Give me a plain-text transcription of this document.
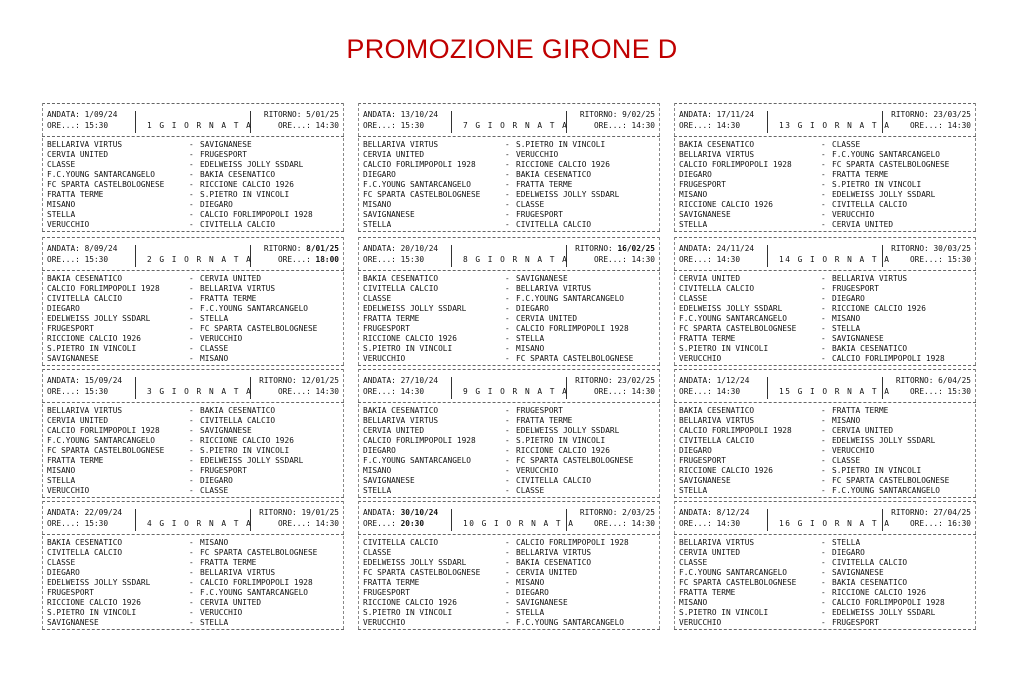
PROMOZIONE GIRONE D
ANDATA: 1/09/24	RITORNO: 5/01/25
ORE...: 15:30	1 G I O R N A T A	ORE...: 14:30
BELLARIVA VIRTUS	- SAVIGNANESE
CERVIA UNITED	- FRUGESPORT
CLASSE	- EDELWEISS JOLLY SSDARL
F.C.YOUNG SANTARCANGELO	- BAKIA CESENATICO
FC SPARTA CASTELBOLOGNESE	- RICCIONE CALCIO 1926
FRATTA TERME	- S.PIETRO IN VINCOLI
MISANO	- DIEGARO
STELLA	- CALCIO FORLIMPOPOLI 1928
VERUCCHIO	- CIVITELLA CALCIO
ANDATA: 8/09/24	RITORNO: 8/01/25
ORE...: 15:30	2 G I O R N A T A	ORE...: 18:00
BAKIA CESENATICO	- CERVIA UNITED
CALCIO FORLIMPOPOLI 1928	- BELLARIVA VIRTUS
CIVITELLA CALCIO	- FRATTA TERME
DIEGARO	- F.C.YOUNG SANTARCANGELO
EDELWEISS JOLLY SSDARL	- STELLA
FRUGESPORT	- FC SPARTA CASTELBOLOGNESE
RICCIONE CALCIO 1926	- VERUCCHIO
S.PIETRO IN VINCOLI	- CLASSE
SAVIGNANESE	- MISANO
ANDATA: 15/09/24	RITORNO: 12/01/25
ORE...: 15:30	3 G I O R N A T A	ORE...: 14:30
BELLARIVA VIRTUS	- BAKIA CESENATICO
CERVIA UNITED	- CIVITELLA CALCIO
CALCIO FORLIMPOPOLI 1928	- SAVIGNANESE
F.C.YOUNG SANTARCANGELO	- RICCIONE CALCIO 1926
FC SPARTA CASTELBOLOGNESE	- S.PIETRO IN VINCOLI
FRATTA TERME	- EDELWEISS JOLLY SSDARL
MISANO	- FRUGESPORT
STELLA	- DIEGARO
VERUCCHIO	- CLASSE
ANDATA: 22/09/24	RITORNO: 19/01/25
ORE...: 15:30	4 G I O R N A T A	ORE...: 14:30
BAKIA CESENATICO	- MISANO
CIVITELLA CALCIO	- FC SPARTA CASTELBOLOGNESE
CLASSE	- FRATTA TERME
DIEGARO	- BELLARIVA VIRTUS
EDELWEISS JOLLY SSDARL	- CALCIO FORLIMPOPOLI 1928
FRUGESPORT	- F.C.YOUNG SANTARCANGELO
RICCIONE CALCIO 1926	- CERVIA UNITED
S.PIETRO IN VINCOLI	- VERUCCHIO
SAVIGNANESE	- STELLA
ANDATA: 13/10/24	RITORNO: 9/02/25
ORE...: 15:30	7 G I O R N A T A	ORE...: 14:30
BELLARIVA VIRTUS	- S.PIETRO IN VINCOLI
CERVIA UNITED	- VERUCCHIO
CALCIO FORLIMPOPOLI 1928	- RICCIONE CALCIO 1926
DIEGARO	- BAKIA CESENATICO
F.C.YOUNG SANTARCANGELO	- FRATTA TERME
FC SPARTA CASTELBOLOGNESE	- EDELWEISS JOLLY SSDARL
MISANO	- CLASSE
SAVIGNANESE	- FRUGESPORT
STELLA	- CIVITELLA CALCIO
ANDATA: 20/10/24	RITORNO: 16/02/25
ORE...: 15:30	8 G I O R N A T A	ORE...: 14:30
BAKIA CESENATICO	- SAVIGNANESE
CIVITELLA CALCIO	- BELLARIVA VIRTUS
CLASSE	- F.C.YOUNG SANTARCANGELO
EDELWEISS JOLLY SSDARL	- DIEGARO
FRATTA TERME	- CERVIA UNITED
FRUGESPORT	- CALCIO FORLIMPOPOLI 1928
RICCIONE CALCIO 1926	- STELLA
S.PIETRO IN VINCOLI	- MISANO
VERUCCHIO	- FC SPARTA CASTELBOLOGNESE
ANDATA: 27/10/24	RITORNO: 23/02/25
ORE...: 14:30	9 G I O R N A T A	ORE...: 14:30
BAKIA CESENATICO	- FRUGESPORT
BELLARIVA VIRTUS	- FRATTA TERME
CERVIA UNITED	- EDELWEISS JOLLY SSDARL
CALCIO FORLIMPOPOLI 1928	- S.PIETRO IN VINCOLI
DIEGARO	- RICCIONE CALCIO 1926
F.C.YOUNG SANTARCANGELO	- FC SPARTA CASTELBOLOGNESE
MISANO	- VERUCCHIO
SAVIGNANESE	- CIVITELLA CALCIO
STELLA	- CLASSE
ANDATA: 30/10/24	RITORNO: 2/03/25
ORE...: 20:30	10 G I O R N A T A ORE...: 14:30
CIVITELLA CALCIO	- CALCIO FORLIMPOPOLI 1928
CLASSE	- BELLARIVA VIRTUS
EDELWEISS JOLLY SSDARL	- BAKIA CESENATICO
FC SPARTA CASTELBOLOGNESE	- CERVIA UNITED
FRATTA TERME	- MISANO
FRUGESPORT	- DIEGARO
RICCIONE CALCIO 1926	- SAVIGNANESE
S.PIETRO IN VINCOLI	- STELLA
VERUCCHIO	- F.C.YOUNG SANTARCANGELO
ANDATA: 17/11/24	RITORNO: 23/03/25
ORE...: 14:30	13 G I O R N A T A ORE...: 14:30
BAKIA CESENATICO	- CLASSE
BELLARIVA VIRTUS	- F.C.YOUNG SANTARCANGELO
CALCIO FORLIMPOPOLI 1928	- FC SPARTA CASTELBOLOGNESE
DIEGARO	- FRATTA TERME
FRUGESPORT	- S.PIETRO IN VINCOLI
MISANO	- EDELWEISS JOLLY SSDARL
RICCIONE CALCIO 1926	- CIVITELLA CALCIO
SAVIGNANESE	- VERUCCHIO
STELLA	- CERVIA UNITED
ANDATA: 24/11/24	RITORNO: 30/03/25
ORE...: 14:30	14 G I O R N A T A ORE...: 15:30
CERVIA UNITED	- BELLARIVA VIRTUS
CIVITELLA CALCIO	- FRUGESPORT
CLASSE	- DIEGARO
EDELWEISS JOLLY SSDARL	- RICCIONE CALCIO 1926
F.C.YOUNG SANTARCANGELO	- MISANO
FC SPARTA CASTELBOLOGNESE	- STELLA
FRATTA TERME	- SAVIGNANESE
S.PIETRO IN VINCOLI	- BAKIA CESENATICO
VERUCCHIO	- CALCIO FORLIMPOPOLI 1928
ANDATA: 1/12/24	RITORNO: 6/04/25
ORE...: 14:30	15 G I O R N A T A ORE...: 15:30
BAKIA CESENATICO	- FRATTA TERME
BELLARIVA VIRTUS	- MISANO
CALCIO FORLIMPOPOLI 1928	- CERVIA UNITED
CIVITELLA CALCIO	- EDELWEISS JOLLY SSDARL
DIEGARO	- VERUCCHIO
FRUGESPORT	- CLASSE
RICCIONE CALCIO 1926	- S.PIETRO IN VINCOLI
SAVIGNANESE	- FC SPARTA CASTELBOLOGNESE
STELLA	- F.C.YOUNG SANTARCANGELO
ANDATA: 8/12/24	RITORNO: 27/04/25
ORE...: 14:30	16 G I O R N A T A ORE...: 16:30
BELLARIVA VIRTUS	- STELLA
CERVIA UNITED	- DIEGARO
CLASSE	- CIVITELLA CALCIO
F.C.YOUNG SANTARCANGELO	- SAVIGNANESE
FC SPARTA CASTELBOLOGNESE	- BAKIA CESENATICO
FRATTA TERME	- RICCIONE CALCIO 1926
MISANO	- CALCIO FORLIMPOPOLI 1928
S.PIETRO IN VINCOLI	- EDELWEISS JOLLY SSDARL
VERUCCHIO	- FRUGESPORT
